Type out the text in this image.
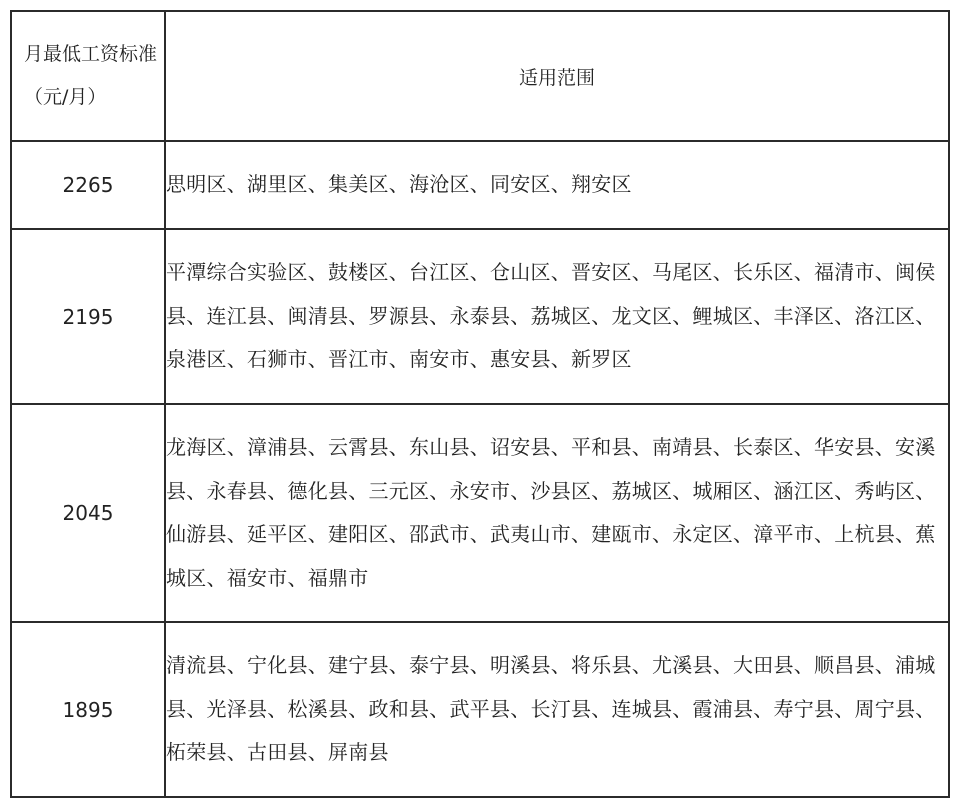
月最低工资标准（元/月）	适用范围
2265	思明区、湖里区、集美区、海沧区、同安区、翔安区
2195	平潭综合实验区、鼓楼区、台江区、仓山区、晋安区、马尾区、长乐区、福清市、闽侯县、连江县、闽清县、罗源县、永泰县、荔城区、龙文区、鲤城区、丰泽区、洛江区、泉港区、石狮市、晋江市、南安市、惠安县、新罗区
2045	龙海区、漳浦县、云霄县、东山县、诏安县、平和县、南靖县、长泰区、华安县、安溪县、永春县、德化县、三元区、永安市、沙县区、荔城区、城厢区、涵江区、秀屿区、仙游县、延平区、建阳区、邵武市、武夷山市、建瓯市、永定区、漳平市、上杭县、蕉城区、福安市、福鼎市
1895	清流县、宁化县、建宁县、泰宁县、明溪县、将乐县、尤溪县、大田县、顺昌县、浦城县、光泽县、松溪县、政和县、武平县、长汀县、连城县、霞浦县、寿宁县、周宁县、柘荣县、古田县、屏南县
